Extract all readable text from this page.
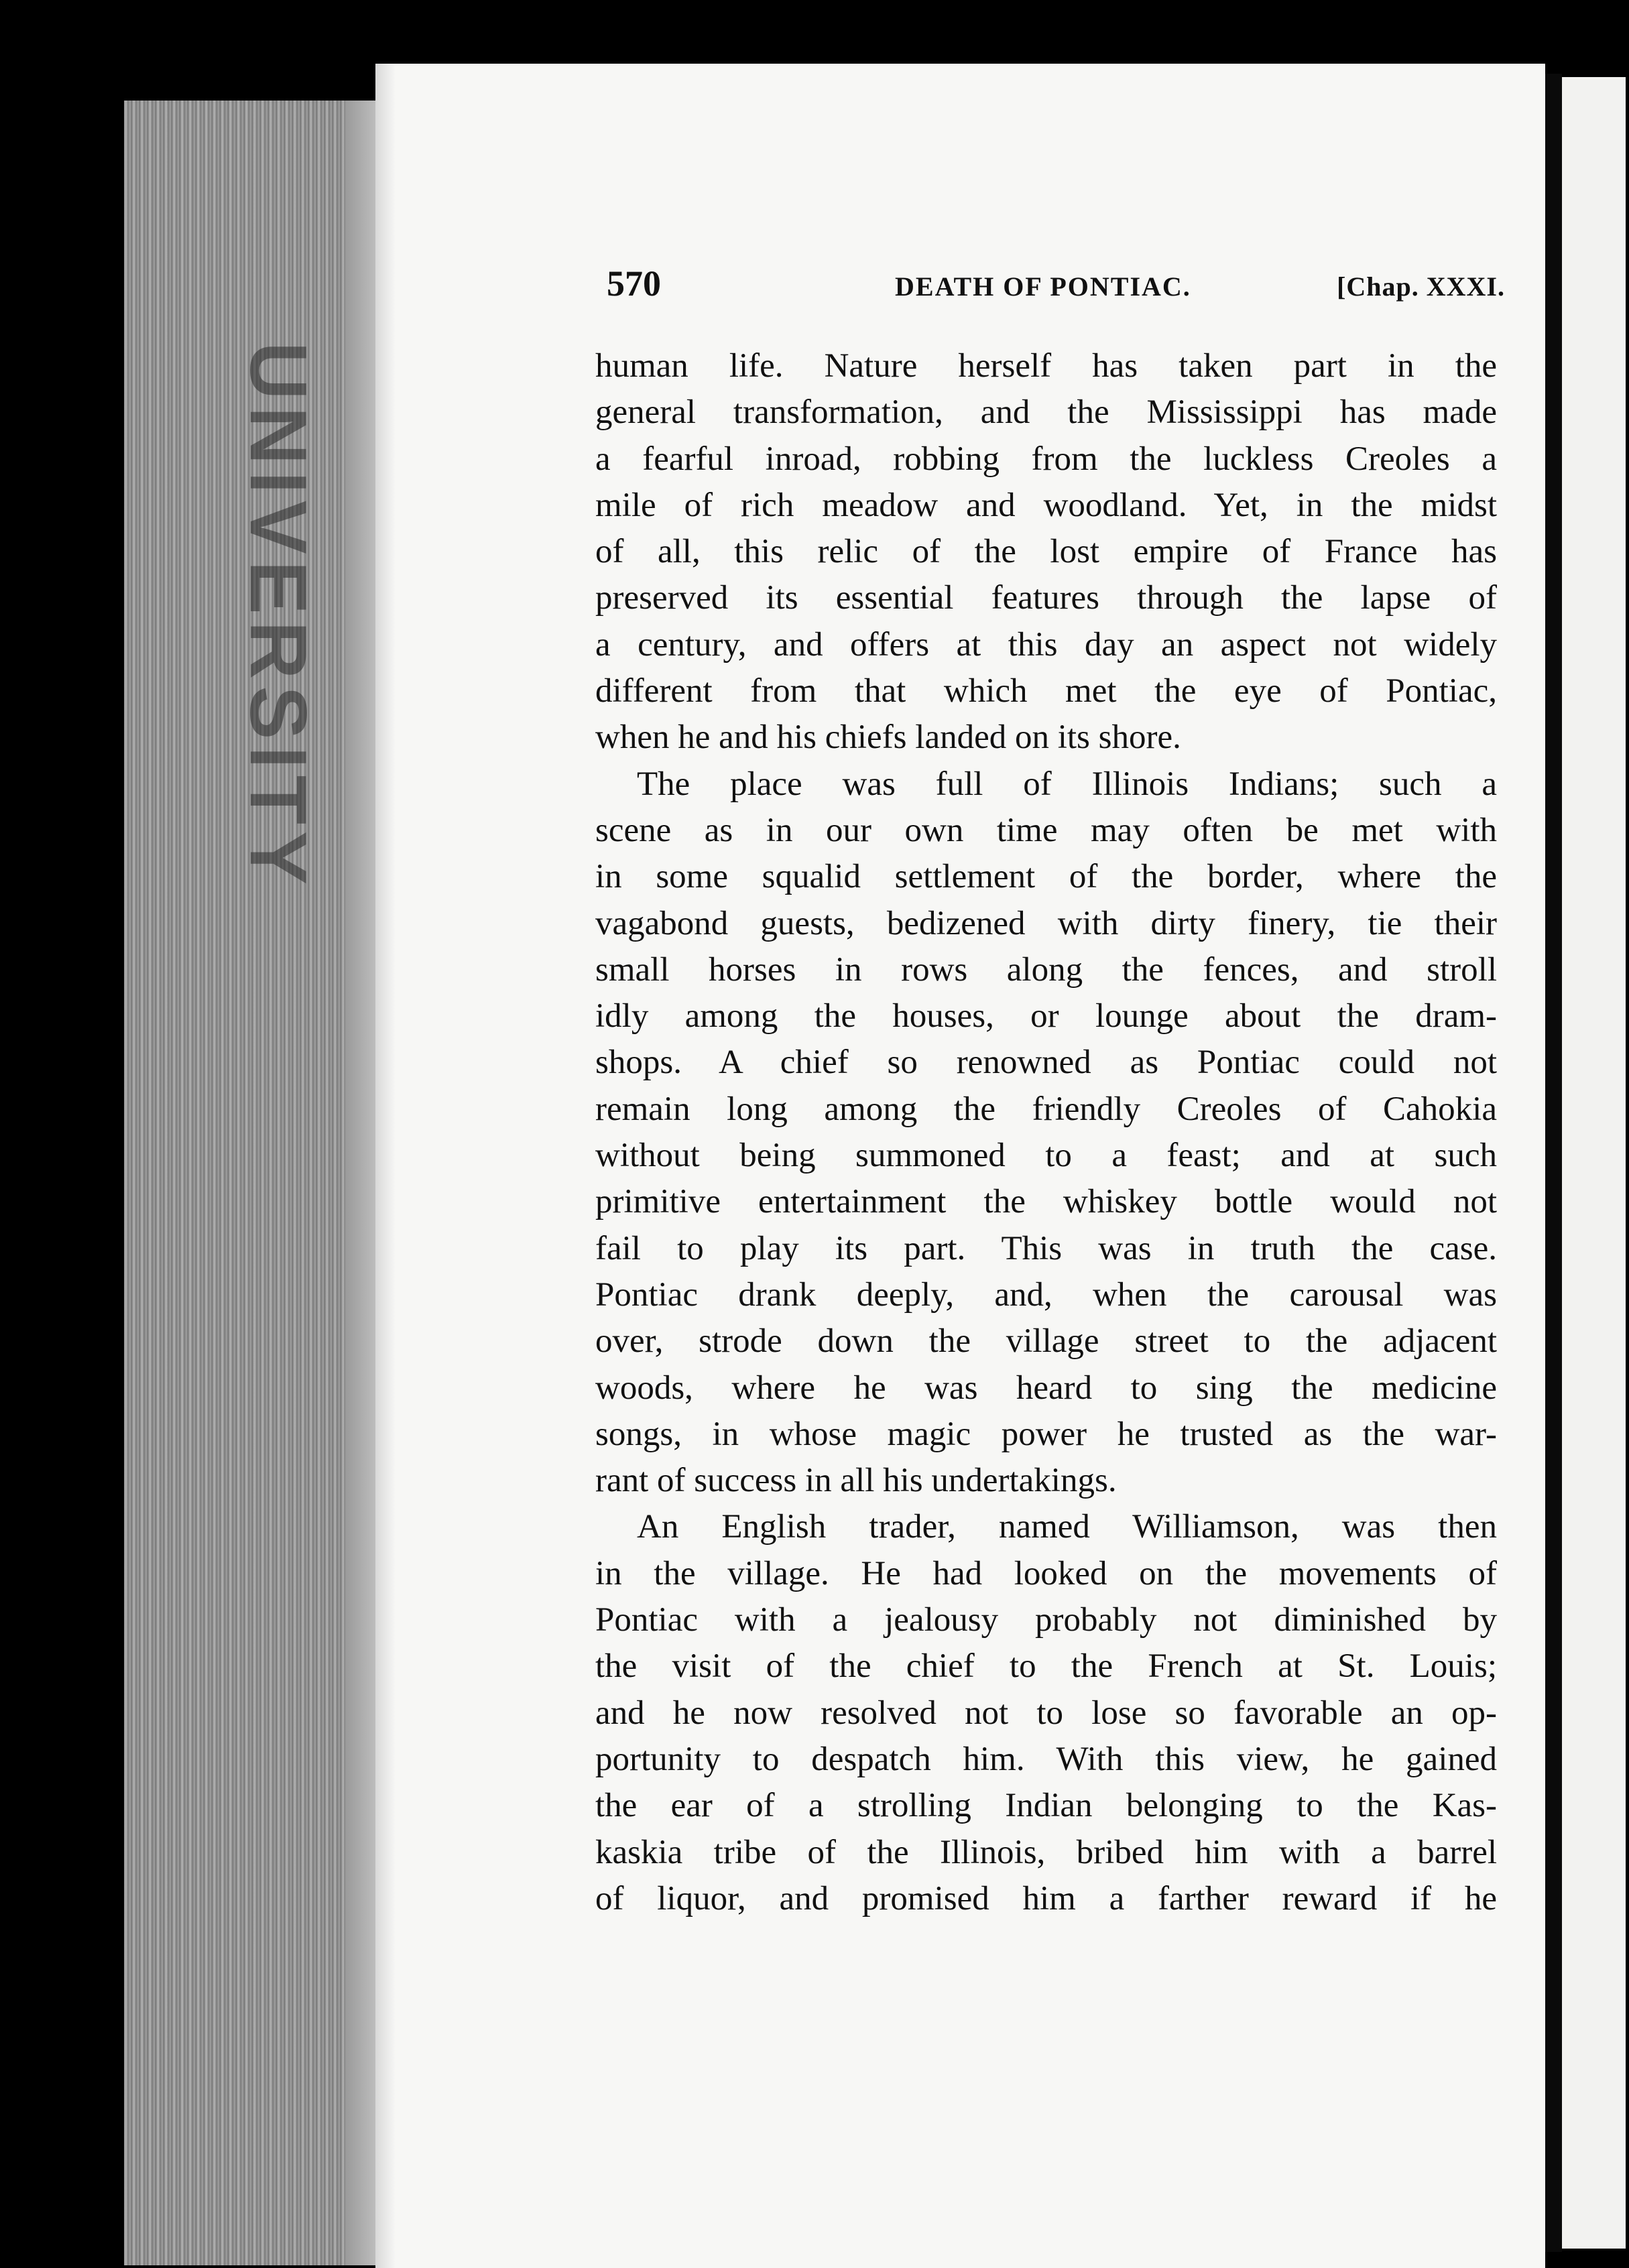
UNIVERSITY
570	DEATH OF PONTIAC.	[Chap. XXXI.
human life. Nature herself has taken part in the
general transformation, and the Mississippi has made
a fearful inroad, robbing from the luckless Creoles a
mile of rich meadow and woodland. Yet, in the midst
of all, this relic of the lost empire of France has
preserved its essential features through the lapse of
a century, and offers at this day an aspect not widely
different from that which met the eye of Pontiac,
when he and his chiefs landed on its shore.
The place was full of Illinois Indians; such a
scene as in our own time may often be met with
in some squalid settlement of the border, where the
vagabond guests, bedizened with dirty finery, tie their
small horses in rows along the fences, and stroll
idly among the houses, or lounge about the dram-
shops. A chief so renowned as Pontiac could not
remain long among the friendly Creoles of Cahokia
without being summoned to a feast; and at such
primitive entertainment the whiskey bottle would not
fail to play its part. This was in truth the case.
Pontiac drank deeply, and, when the carousal was
over, strode down the village street to the adjacent
woods, where he was heard to sing the medicine
songs, in whose magic power he trusted as the war-
rant of success in all his undertakings.
An English trader, named Williamson, was then
in the village. He had looked on the movements of
Pontiac with a jealousy probably not diminished by
the visit of the chief to the French at St. Louis;
and he now resolved not to lose so favorable an op-
portunity to despatch him. With this view, he gained
the ear of a strolling Indian belonging to the Kas-
kaskia tribe of the Illinois, bribed him with a barrel
of liquor, and promised him a farther reward if he
